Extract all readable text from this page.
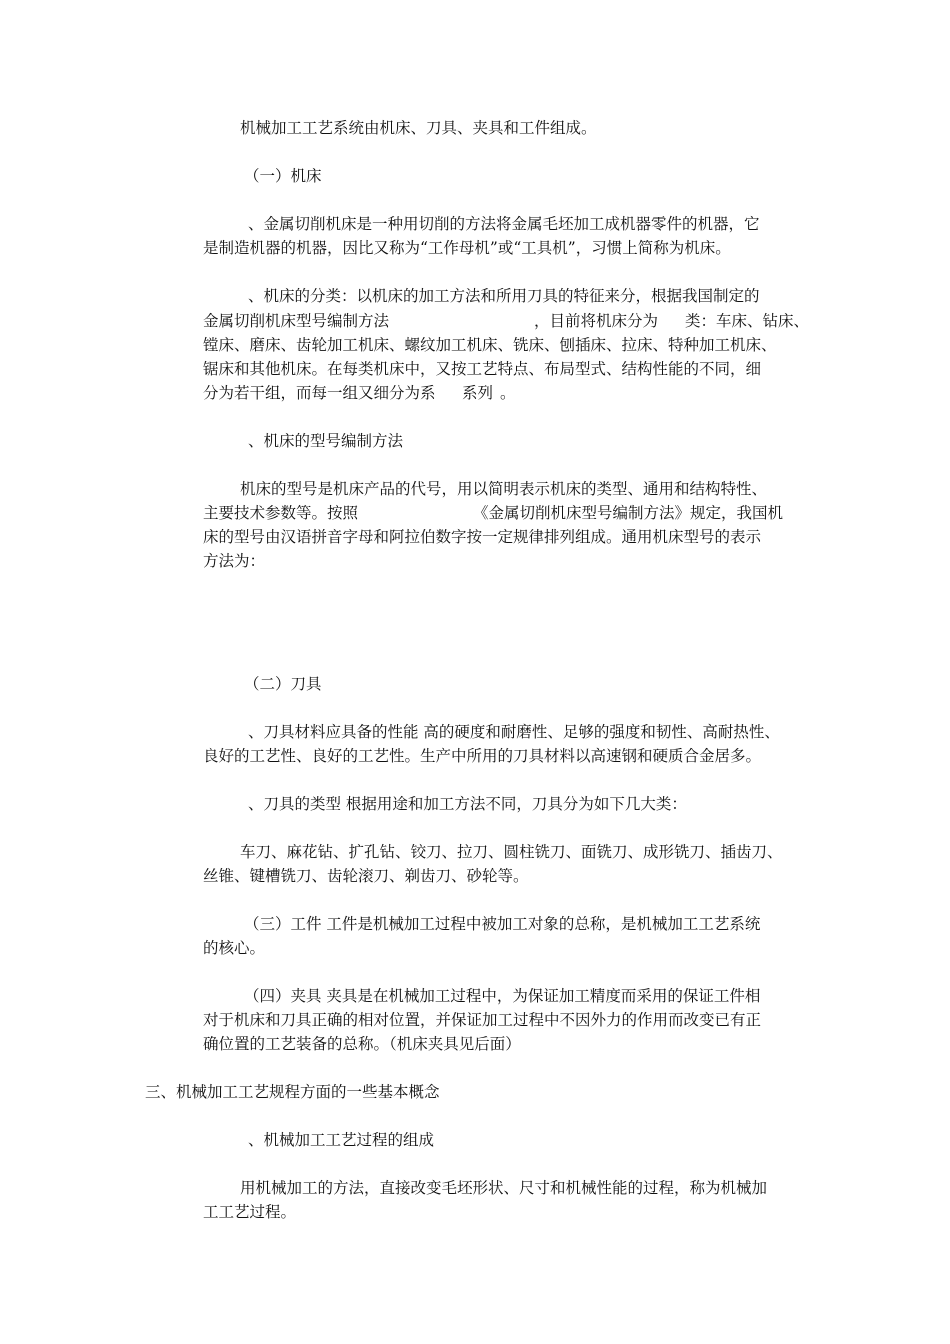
机械加工工艺系统由机床、刀具、夹具和工件组成。
（一）机床
、金属切削机床是一种用切削的方法将金属毛坯加工成机器零件的机器，它
是制造机器的机器，因比又称为“工作母机”或“工具机”，习惯上简称为机床。
、机床的分类：以机床的加工方法和所用刀具的特征来分，根据我国制定的
金属切削机床型号编制方法	，目前将机床分为 类：车床、钻床、
镗床、磨床、齿轮加工机床、螺纹加工机床、铣床、刨插床、拉床、特种加工机床、
锯床和其他机床。在每类机床中，又按工艺特点、布局型式、结构性能的不同，细
分为若干组，而每一组又细分为系 系列 。
、机床的型号编制方法
机床的型号是机床产品的代号，用以简明表示机床的类型、通用和结构特性、
主要技术参数等。按照	《金属切削机床型号编制方法》规定，我国机
床的型号由汉语拼音字母和阿拉伯数字按一定规律排列组成。通用机床型号的表示
方法为：
（二）刀具
、刀具材料应具备的性能 高的硬度和耐磨性、足够的强度和韧性、高耐热性、
良好的工艺性、良好的工艺性。生产中所用的刀具材料以高速钢和硬质合金居多。
、刀具的类型 根据用途和加工方法不同，刀具分为如下几大类：
车刀、麻花钻、扩孔钻、铰刀、拉刀、圆柱铣刀、面铣刀、成形铣刀、插齿刀、
丝锥、键槽铣刀、齿轮滚刀、剃齿刀、砂轮等。
（三）工件 工件是机械加工过程中被加工对象的总称，是机械加工工艺系统
的核心。
（四）夹具 夹具是在机械加工过程中，为保证加工精度而采用的保证工件相
对于机床和刀具正确的相对位置，并保证加工过程中不因外力的作用而改变已有正
确位置的工艺装备的总称。（机床夹具见后面）
三、机械加工工艺规程方面的一些基本概念
、机械加工工艺过程的组成
用机械加工的方法，直接改变毛坯形状、尺寸和机械性能的过程，称为机械加
工工艺过程。
